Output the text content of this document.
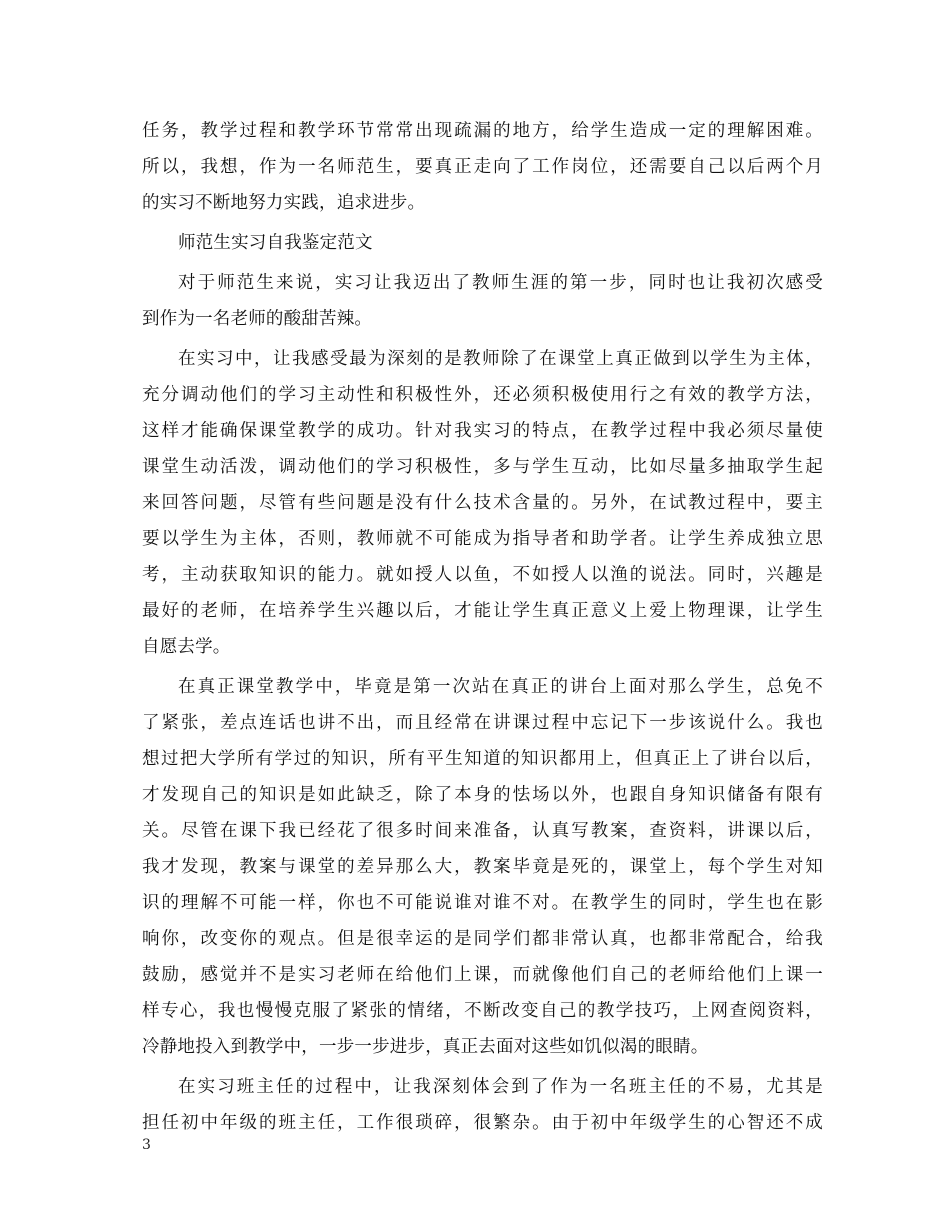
任务，教学过程和教学环节常常出现疏漏的地方，给学生造成一定的理解困难。
所以，我想，作为一名师范生，要真正走向了工作岗位，还需要自己以后两个月
的实习不断地努力实践，追求进步。
师范生实习自我鉴定范文
对于师范生来说，实习让我迈出了教师生涯的第一步，同时也让我初次感受
到作为一名老师的酸甜苦辣。
在实习中，让我感受最为深刻的是教师除了在课堂上真正做到以学生为主体，
充分调动他们的学习主动性和积极性外，还必须积极使用行之有效的教学方法，
这样才能确保课堂教学的成功。针对我实习的特点，在教学过程中我必须尽量使
课堂生动活泼，调动他们的学习积极性，多与学生互动，比如尽量多抽取学生起
来回答问题，尽管有些问题是没有什么技术含量的。另外，在试教过程中，要主
要以学生为主体，否则，教师就不可能成为指导者和助学者。让学生养成独立思
考，主动获取知识的能力。就如授人以鱼，不如授人以渔的说法。同时，兴趣是
最好的老师，在培养学生兴趣以后，才能让学生真正意义上爱上物理课，让学生
自愿去学。
在真正课堂教学中，毕竟是第一次站在真正的讲台上面对那么学生，总免不
了紧张，差点连话也讲不出，而且经常在讲课过程中忘记下一步该说什么。我也
想过把大学所有学过的知识，所有平生知道的知识都用上，但真正上了讲台以后，
才发现自己的知识是如此缺乏，除了本身的怯场以外，也跟自身知识储备有限有
关。尽管在课下我已经花了很多时间来准备，认真写教案，查资料，讲课以后，
我才发现，教案与课堂的差异那么大，教案毕竟是死的，课堂上，每个学生对知
识的理解不可能一样，你也不可能说谁对谁不对。在教学生的同时，学生也在影
响你，改变你的观点。但是很幸运的是同学们都非常认真，也都非常配合，给我
鼓励，感觉并不是实习老师在给他们上课，而就像他们自己的老师给他们上课一
样专心，我也慢慢克服了紧张的情绪，不断改变自己的教学技巧，上网查阅资料，
冷静地投入到教学中，一步一步进步，真正去面对这些如饥似渴的眼睛。
在实习班主任的过程中，让我深刻体会到了作为一名班主任的不易，尤其是
担任初中年级的班主任，工作很琐碎，很繁杂。由于初中年级学生的心智还不成
3
